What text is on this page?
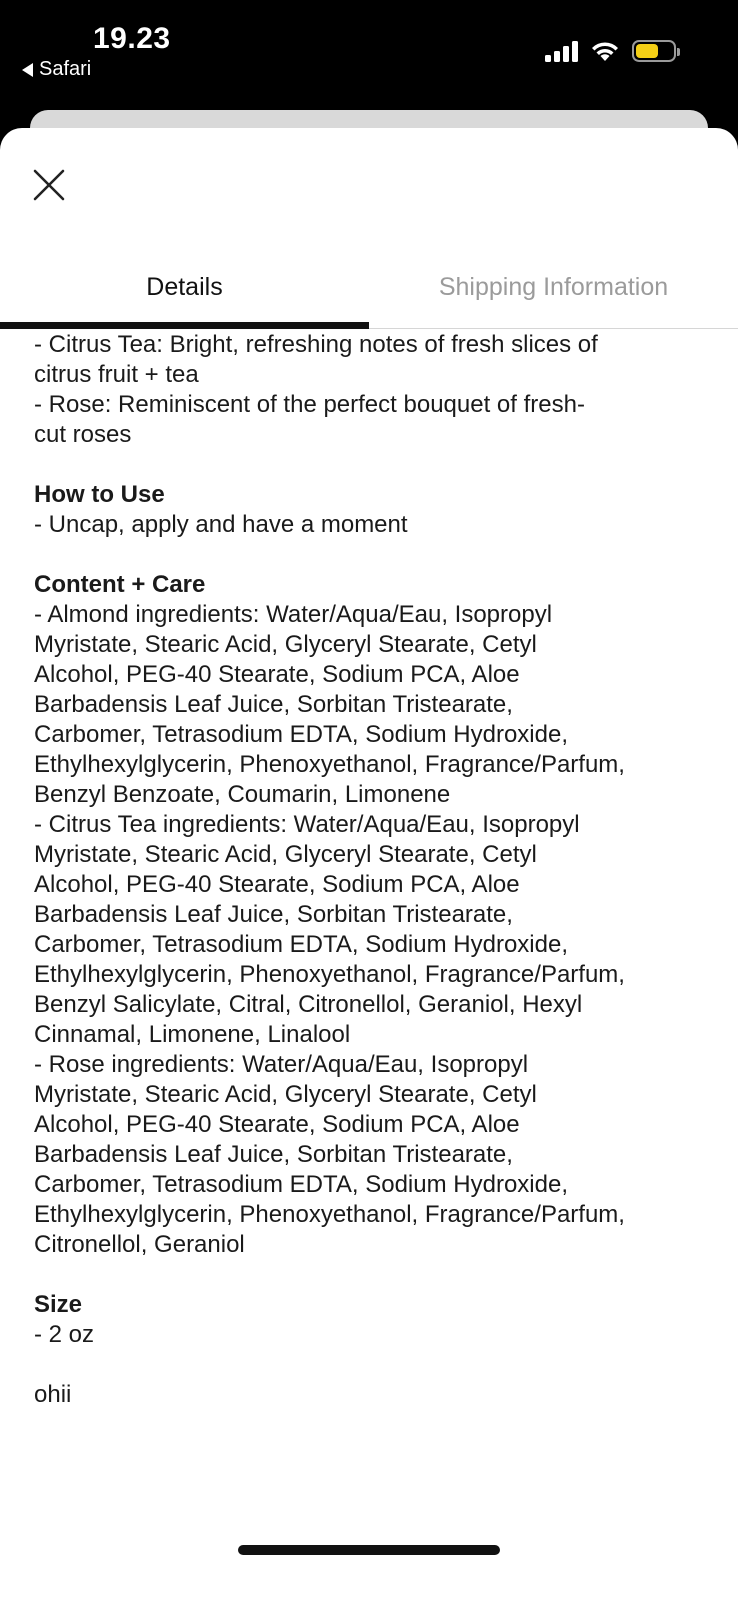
19.23
Safari
Details	Shipping Information
- Citrus Tea: Bright, refreshing notes of fresh slices of
citrus fruit + tea
- Rose: Reminiscent of the perfect bouquet of fresh-
cut roses
How to Use
- Uncap, apply and have a moment
Content + Care
- Almond ingredients: Water/Aqua/Eau, Isopropyl
Myristate, Stearic Acid, Glyceryl Stearate, Cetyl
Alcohol, PEG-40 Stearate, Sodium PCA, Aloe
Barbadensis Leaf Juice, Sorbitan Tristearate,
Carbomer, Tetrasodium EDTA, Sodium Hydroxide,
Ethylhexylglycerin, Phenoxyethanol, Fragrance/Parfum,
Benzyl Benzoate, Coumarin, Limonene
- Citrus Tea ingredients: Water/Aqua/Eau, Isopropyl
Myristate, Stearic Acid, Glyceryl Stearate, Cetyl
Alcohol, PEG-40 Stearate, Sodium PCA, Aloe
Barbadensis Leaf Juice, Sorbitan Tristearate,
Carbomer, Tetrasodium EDTA, Sodium Hydroxide,
Ethylhexylglycerin, Phenoxyethanol, Fragrance/Parfum,
Benzyl Salicylate, Citral, Citronellol, Geraniol, Hexyl
Cinnamal, Limonene, Linalool
- Rose ingredients: Water/Aqua/Eau, Isopropyl
Myristate, Stearic Acid, Glyceryl Stearate, Cetyl
Alcohol, PEG-40 Stearate, Sodium PCA, Aloe
Barbadensis Leaf Juice, Sorbitan Tristearate,
Carbomer, Tetrasodium EDTA, Sodium Hydroxide,
Ethylhexylglycerin, Phenoxyethanol, Fragrance/Parfum,
Citronellol, Geraniol
Size
- 2 oz
ohii
